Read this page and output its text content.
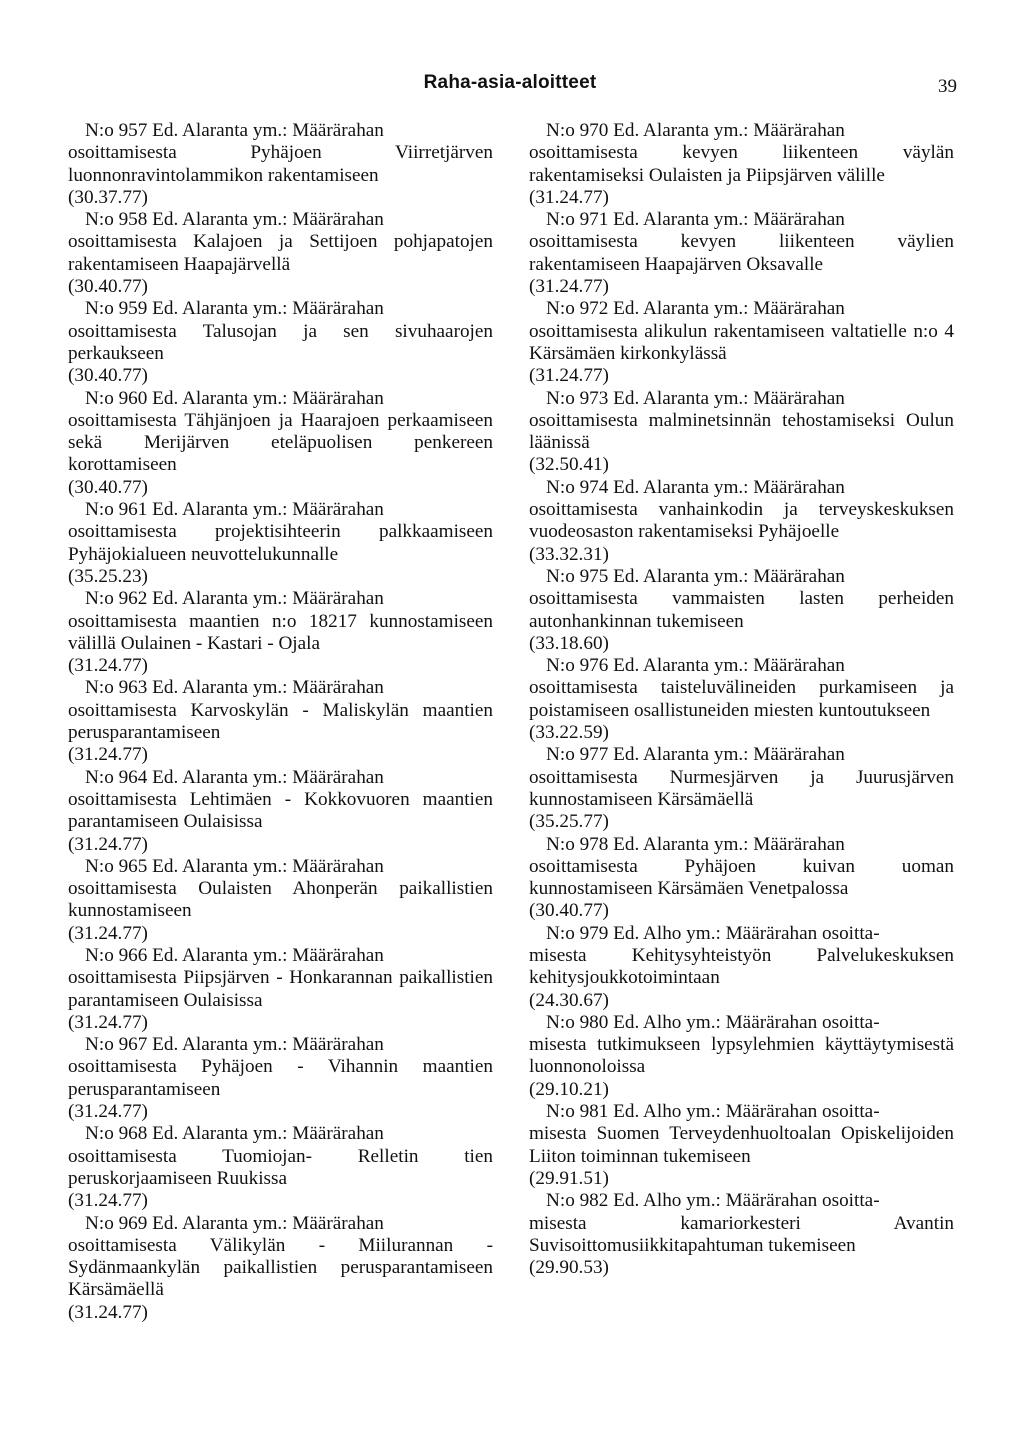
Raha-asia-aloitteet	39
N:o 957 Ed. Alaranta ym.: Määrärahan
osoittamisesta Pyhäjoen Viirretjärven luonnonravintolammikon rakentamiseen
(30.37.77)
N:o 958 Ed. Alaranta ym.: Määrärahan
osoittamisesta Kalajoen ja Settijoen pohjapatojen rakentamiseen Haapajärvellä
(30.40.77)
N:o 959 Ed. Alaranta ym.: Määrärahan
osoittamisesta Talusojan ja sen sivuhaarojen perkaukseen
(30.40.77)
N:o 960 Ed. Alaranta ym.: Määrärahan
osoittamisesta Tähjänjoen ja Haarajoen perkaamiseen sekä Merijärven eteläpuolisen penkereen korottamiseen
(30.40.77)
N:o 961 Ed. Alaranta ym.: Määrärahan
osoittamisesta projektisihteerin palkkaamiseen Pyhäjokialueen neuvottelukunnalle
(35.25.23)
N:o 962 Ed. Alaranta ym.: Määrärahan
osoittamisesta maantien n:o 18217 kunnostamiseen välillä Oulainen - Kastari - Ojala
(31.24.77)
N:o 963 Ed. Alaranta ym.: Määrärahan
osoittamisesta Karvoskylän - Maliskylän maantien perusparantamiseen
(31.24.77)
N:o 964 Ed. Alaranta ym.: Määrärahan
osoittamisesta Lehtimäen - Kokkovuoren maantien parantamiseen Oulaisissa
(31.24.77)
N:o 965 Ed. Alaranta ym.: Määrärahan
osoittamisesta Oulaisten Ahonperän paikallistien kunnostamiseen
(31.24.77)
N:o 966 Ed. Alaranta ym.: Määrärahan
osoittamisesta Piipsjärven - Honkarannan paikallistien parantamiseen Oulaisissa
(31.24.77)
N:o 967 Ed. Alaranta ym.: Määrärahan
osoittamisesta Pyhäjoen - Vihannin maantien perusparantamiseen
(31.24.77)
N:o 968 Ed. Alaranta ym.: Määrärahan
osoittamisesta Tuomiojan- Relletin tien peruskorjaamiseen Ruukissa
(31.24.77)
N:o 969 Ed. Alaranta ym.: Määrärahan
osoittamisesta Välikylän - Miilurannan - Sydänmaankylän paikallistien perusparantamiseen Kärsämäellä
(31.24.77)
N:o 970 Ed. Alaranta ym.: Määrärahan
osoittamisesta kevyen liikenteen väylän rakentamiseksi Oulaisten ja Piipsjärven välille
(31.24.77)
N:o 971 Ed. Alaranta ym.: Määrärahan
osoittamisesta kevyen liikenteen väylien rakentamiseen Haapajärven Oksavalle
(31.24.77)
N:o 972 Ed. Alaranta ym.: Määrärahan
osoittamisesta alikulun rakentamiseen valtatielle n:o 4 Kärsämäen kirkonkylässä
(31.24.77)
N:o 973 Ed. Alaranta ym.: Määrärahan
osoittamisesta malminetsinnän tehostamiseksi Oulun läänissä
(32.50.41)
N:o 974 Ed. Alaranta ym.: Määrärahan
osoittamisesta vanhainkodin ja terveyskeskuksen vuodeosaston rakentamiseksi Pyhäjoelle
(33.32.31)
N:o 975 Ed. Alaranta ym.: Määrärahan
osoittamisesta vammaisten lasten perheiden autonhankinnan tukemiseen
(33.18.60)
N:o 976 Ed. Alaranta ym.: Määrärahan
osoittamisesta taisteluvälineiden purkamiseen ja poistamiseen osallistuneiden miesten kuntoutukseen
(33.22.59)
N:o 977 Ed. Alaranta ym.: Määrärahan
osoittamisesta Nurmesjärven ja Juurusjärven kunnostamiseen Kärsämäellä
(35.25.77)
N:o 978 Ed. Alaranta ym.: Määrärahan
osoittamisesta Pyhäjoen kuivan uoman kunnostamiseen Kärsämäen Venetpalossa
(30.40.77)
N:o 979 Ed. Alho ym.: Määrärahan osoitta-
misesta Kehitysyhteistyön Palvelukeskuksen kehitysjoukkotoimintaan
(24.30.67)
N:o 980 Ed. Alho ym.: Määrärahan osoitta-
misesta tutkimukseen lypsylehmien käyttäytymisestä luonnonoloissa
(29.10.21)
N:o 981 Ed. Alho ym.: Määrärahan osoitta-
misesta Suomen Terveydenhuoltoalan Opiskelijoiden Liiton toiminnan tukemiseen
(29.91.51)
N:o 982 Ed. Alho ym.: Määrärahan osoitta-
misesta kamariorkesteri Avantin Suvisoittomusiikkitapahtuman tukemiseen
(29.90.53)
